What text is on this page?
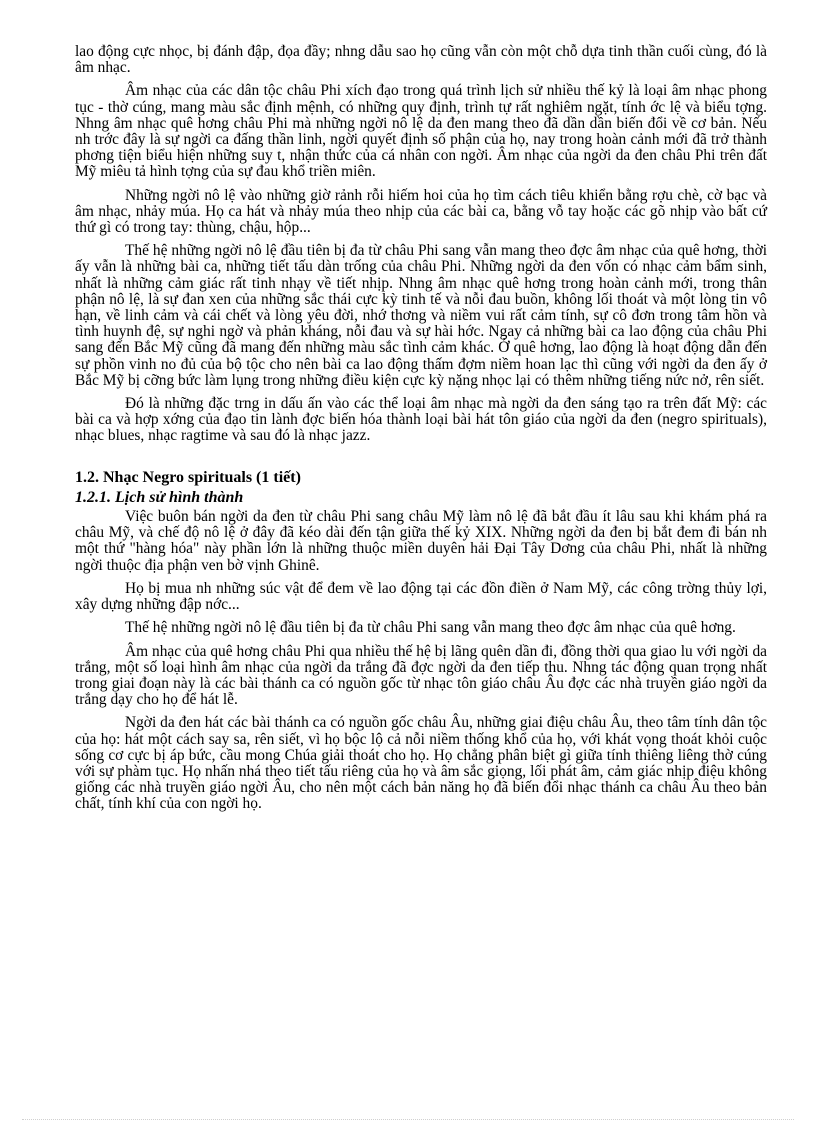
lao động cực nhọc, bị đánh đập, đọa đầy; nhng dẫu sao họ cũng vẫn còn một chỗ dựa tinh thần cuối cùng, đó là âm nhạc.

Âm nhạc của các dân tộc châu Phi xích đạo trong quá trình lịch sử nhiều thế kỷ là loại âm nhạc phong tục - thờ cúng, mang màu sắc định mệnh, có những quy định, trình tự rất nghiêm ngặt, tính ớc lệ và biểu tợng. Nhng âm nhạc quê hơng châu Phi mà những ngời nô lệ da đen mang theo đã dần dần biến đổi về cơ bản. Nếu nh trớc đây là sự ngời ca đấng thần linh, ngời quyết định số phận của họ, nay trong hoàn cảnh mới đã trở thành phơng tiện biểu hiện những suy t, nhận thức của cá nhân con ngời. Âm nhạc của ngời da đen châu Phi trên đất Mỹ miêu tả hình tợng của sự đau khổ triền miên.

Những ngời nô lệ vào những giờ rảnh rỗi hiếm hoi của họ tìm cách tiêu khiển bằng rợu chè, cờ bạc và âm nhạc, nhảy múa. Họ ca hát và nhảy múa theo nhịp của các bài ca, bằng vỗ tay hoặc các gõ nhịp vào bất cứ thứ gì có trong tay: thùng, chậu, hộp...

Thế hệ những ngời nô lệ đầu tiên bị đa từ châu Phi sang vẫn mang theo đợc âm nhạc của quê hơng, thời ấy vẫn là những bài ca, những tiết tấu dàn trống của châu Phi. Những ngời da đen vốn có nhạc cảm bẩm sinh, nhất là những cảm giác rất tinh nhạy về tiết nhịp. Nhng âm nhạc quê hơng trong hoàn cảnh mới, trong thân phận nô lệ, là sự đan xen của những sắc thái cực kỳ tinh tế và nỗi đau buồn, không lối thoát và một lòng tin vô hạn, về linh cảm và cái chết và lòng yêu đời, nhớ thơng và niềm vui rất cảm tính, sự cô đơn trong tâm hồn và tình huynh đệ, sự nghi ngờ và phản kháng, nỗi đau và sự hài hớc. Ngay cả những bài ca lao động của châu Phi sang đến Bắc Mỹ cũng đã mang đến những màu sắc tình cảm khác. Ở quê hơng, lao động là hoạt động dẫn đến sự phồn vinh no đủ của bộ tộc cho nên bài ca lao động thấm đợm niềm hoan lạc thì cũng với ngời da đen ấy ở Bắc Mỹ bị cỡng bức làm lụng trong những điều kiện cực kỳ nặng nhọc lại có thêm những tiếng nức nở, rên siết.

Đó là những đặc trng in dấu ấn vào các thể loại âm nhạc mà ngời da đen sáng tạo ra trên đất Mỹ: các bài ca và hợp xớng của đạo tin lành đợc biến hóa thành loại bài hát tôn giáo của ngời da đen (negro spirituals), nhạc blues, nhạc ragtime và sau đó là nhạc jazz.

1.2. Nhạc Negro spirituals (1 tiết)

1.2.1. Lịch sử hình thành

Việc buôn bán ngời da đen từ châu Phi sang châu Mỹ làm nô lệ đã bắt đầu ít lâu sau khi khám phá ra châu Mỹ, và chế độ nô lệ ở đây đã kéo dài đến tận giữa thế kỷ XIX. Những ngời da đen bị bắt đem đi bán nh một thứ "hàng hóa" này phần lớn là những thuộc miền duyên hải Đại Tây Dơng của châu Phi, nhất là những ngời thuộc địa phận ven bờ vịnh Ghinê.

Họ bị mua nh những súc vật để đem về lao động tại các đồn điền ở Nam Mỹ, các công trờng thủy lợi, xây dựng những đập nớc...

Thế hệ những ngời nô lệ đầu tiên bị đa từ châu Phi sang vẫn mang theo đợc âm nhạc của quê hơng.

Âm nhạc của quê hơng châu Phi qua nhiều thế hệ bị lãng quên dần đi, đồng thời qua giao lu với ngời da trắng, một số loại hình âm nhạc của ngời da trắng đã đợc ngời da đen tiếp thu. Nhng tác động quan trọng nhất trong giai đoạn này là các bài thánh ca có nguồn gốc từ nhạc tôn giáo châu Âu đợc các nhà truyền giáo ngời da trắng dạy cho họ để hát lễ.

Ngời da đen hát các bài thánh ca có nguồn gốc châu Âu, những giai điệu châu Âu, theo tâm tính dân tộc của họ: hát một cách say sa, rên siết, vì họ bộc lộ cả nỗi niềm thống khổ của họ, với khát vọng thoát khỏi cuộc sống cơ cực bị áp bức, cầu mong Chúa giải thoát cho họ. Họ chẳng phân biệt gì giữa tính thiêng liêng thờ cúng với sự phàm tục. Họ nhấn nhá theo tiết tấu riêng của họ và âm sắc giọng, lối phát âm, cảm giác nhịp điệu không giống các nhà truyền giáo ngời Âu, cho nên một cách bản năng họ đã biến đổi nhạc thánh ca châu Âu theo bản chất, tính khí của con ngời họ.
